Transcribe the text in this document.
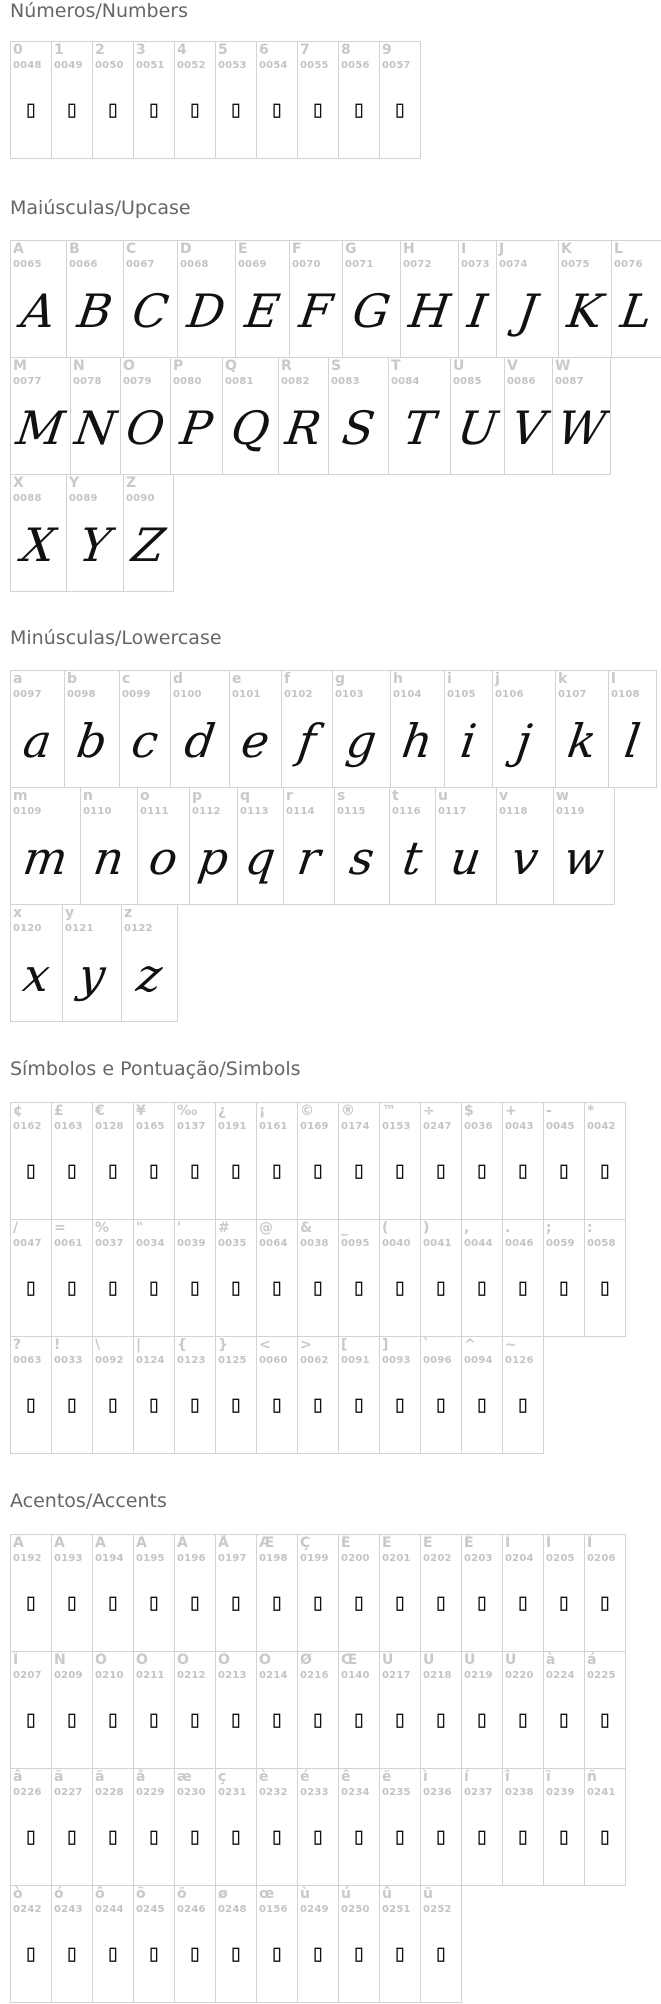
Números/Numbers
0
0048
▯
1
0049
▯
2
0050
▯
3
0051
▯
4
0052
▯
5
0053
▯
6
0054
▯
7
0055
▯
8
0056
▯
9
0057
▯
Maiúsculas/Upcase
A
0065
A
B
0066
B
C
0067
C
D
0068
D
E
0069
E
F
0070
F
G
0071
G
H
0072
H
I
0073
I
J
0074
J
K
0075
K
L
0076
L
M
0077
M
N
0078
N
O
0079
O
P
0080
P
Q
0081
Q
R
0082
R
S
0083
S
T
0084
T
U
0085
U
V
0086
V
W
0087
W
X
0088
X
Y
0089
Y
Z
0090
Z
Minúsculas/Lowercase
a
0097
a
b
0098
b
c
0099
c
d
0100
d
e
0101
e
f
0102
f
g
0103
g
h
0104
h
i
0105
i
j
0106
j
k
0107
k
l
0108
l
m
0109
m
n
0110
n
o
0111
o
p
0112
p
q
0113
q
r
0114
r
s
0115
s
t
0116
t
u
0117
u
v
0118
v
w
0119
w
x
0120
x
y
0121
y
z
0122
z
Símbolos e Pontuação/Simbols
¢
0162
▯
£
0163
▯
€
0128
▯
¥
0165
▯
‰
0137
▯
¿
0191
▯
¡
0161
▯
©
0169
▯
®
0174
▯
™
0153
▯
÷
0247
▯
$
0036
▯
+
0043
▯
-
0045
▯
*
0042
▯
/
0047
▯
=
0061
▯
%
0037
▯
"
0034
▯
'
0039
▯
#
0035
▯
@
0064
▯
&
0038
▯
_
0095
▯
(
0040
▯
)
0041
▯
,
0044
▯
.
0046
▯
;
0059
▯
:
0058
▯
?
0063
▯
!
0033
▯
\
0092
▯
|
0124
▯
{
0123
▯
}
0125
▯
<
0060
▯
>
0062
▯
[
0091
▯
]
0093
▯
`
0096
▯
^
0094
▯
~
0126
▯
Acentos/Accents
À
0192
▯
Á
0193
▯
Â
0194
▯
Ã
0195
▯
Ä
0196
▯
Å
0197
▯
Æ
0198
▯
Ç
0199
▯
È
0200
▯
É
0201
▯
Ê
0202
▯
Ë
0203
▯
Ì
0204
▯
Í
0205
▯
Î
0206
▯
Ï
0207
▯
Ñ
0209
▯
Ò
0210
▯
Ó
0211
▯
Ô
0212
▯
Õ
0213
▯
Ö
0214
▯
Ø
0216
▯
Œ
0140
▯
Ù
0217
▯
Ú
0218
▯
Û
0219
▯
Ü
0220
▯
à
0224
▯
á
0225
▯
â
0226
▯
ã
0227
▯
ä
0228
▯
å
0229
▯
æ
0230
▯
ç
0231
▯
è
0232
▯
é
0233
▯
ê
0234
▯
ë
0235
▯
ì
0236
▯
í
0237
▯
î
0238
▯
ï
0239
▯
ñ
0241
▯
ò
0242
▯
ó
0243
▯
ô
0244
▯
õ
0245
▯
ö
0246
▯
ø
0248
▯
œ
0156
▯
ù
0249
▯
ú
0250
▯
û
0251
▯
ü
0252
▯
